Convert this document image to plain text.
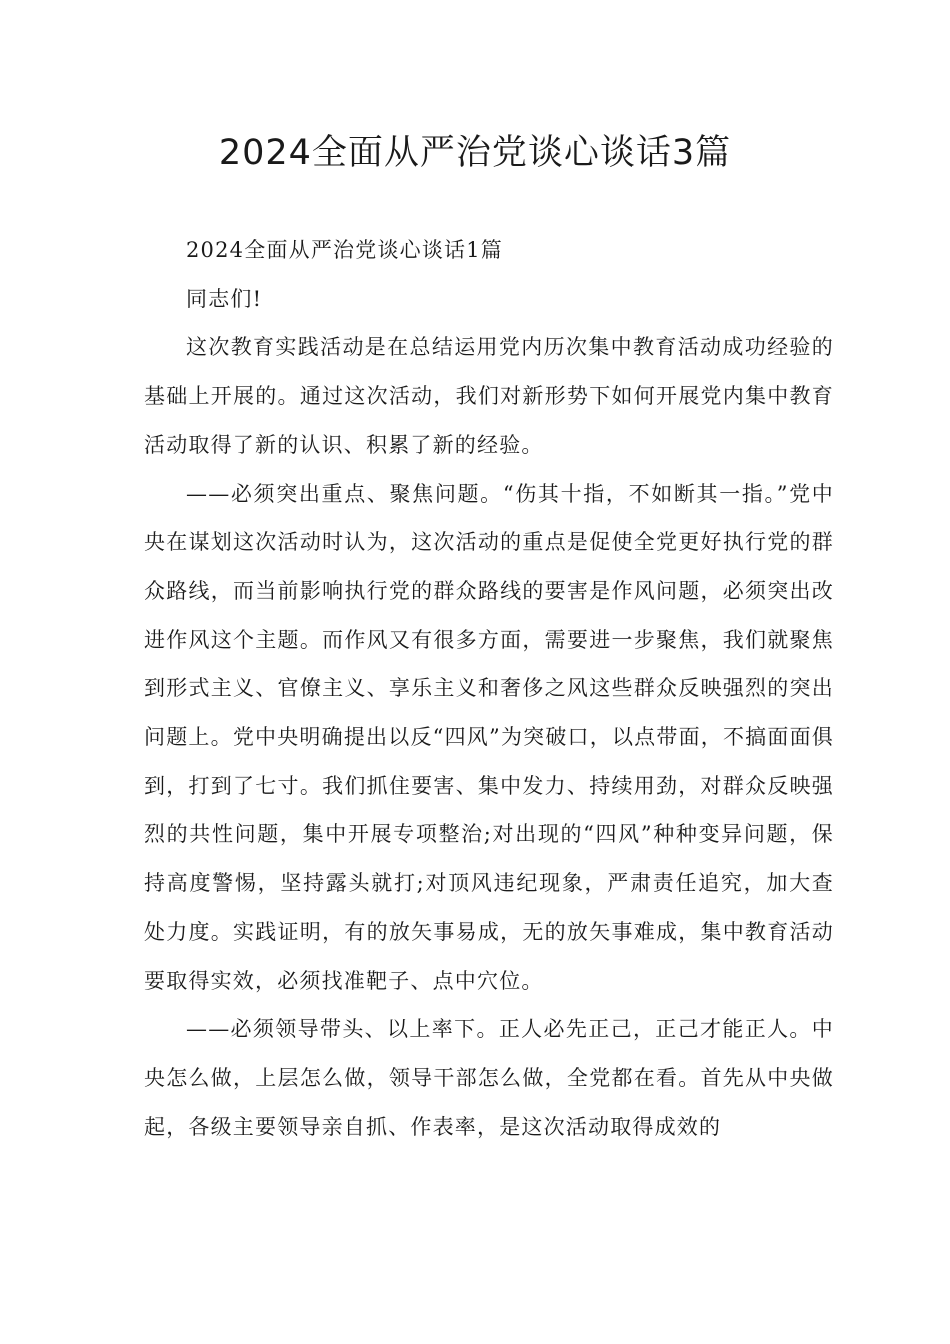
2024全面从严治党谈心谈话3篇

2024全面从严治党谈心谈话1篇

同志们!

这次教育实践活动是在总结运用党内历次集中教育活动成功经验的基础上开展的。通过这次活动，我们对新形势下如何开展党内集中教育活动取得了新的认识、积累了新的经验。

——必须突出重点、聚焦问题。“伤其十指，不如断其一指。”党中央在谋划这次活动时认为，这次活动的重点是促使全党更好执行党的群众路线，而当前影响执行党的群众路线的要害是作风问题，必须突出改进作风这个主题。而作风又有很多方面，需要进一步聚焦，我们就聚焦到形式主义、官僚主义、享乐主义和奢侈之风这些群众反映强烈的突出问题上。党中央明确提出以反“四风”为突破口，以点带面，不搞面面俱到，打到了七寸。我们抓住要害、集中发力、持续用劲，对群众反映强烈的共性问题，集中开展专项整治;对出现的“四风”种种变异问题，保持高度警惕，坚持露头就打;对顶风违纪现象，严肃责任追究，加大查处力度。实践证明，有的放矢事易成，无的放矢事难成，集中教育活动要取得实效，必须找准靶子、点中穴位。

——必须领导带头、以上率下。正人必先正己，正己才能正人。中央怎么做，上层怎么做，领导干部怎么做，全党都在看。首先从中央做起，各级主要领导亲自抓、作表率，是这次活动取得成效的
